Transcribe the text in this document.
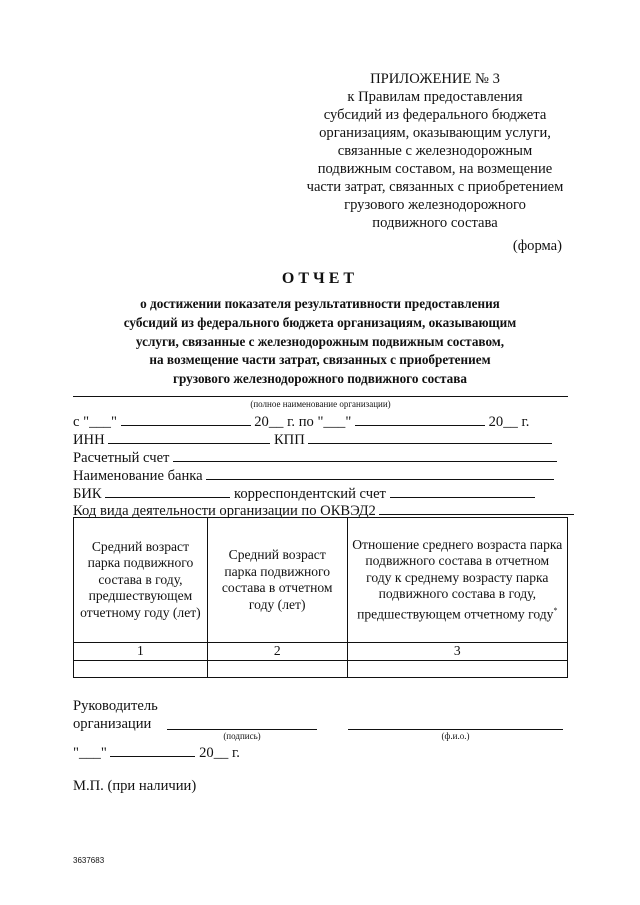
ПРИЛОЖЕНИЕ № 3
к Правилам предоставления
субсидий из федерального бюджета
организациям, оказывающим услуги,
связанные с железнодорожным
подвижным составом, на возмещение
части затрат, связанных с приобретением
грузового железнодорожного
подвижного состава
(форма)
ОТЧЕТ
о достижении показателя результативности предоставления
субсидий из федерального бюджета организациям, оказывающим
услуги, связанные с железнодорожным подвижным составом,
на возмещение части затрат, связанных с приобретением
грузового железнодорожного подвижного состава
(полное наименование организации)
с "___"	20__ г. по "___"	20__ г.
ИНН	КПП
Расчетный счет
Наименование банка
БИК	корреспондентский счет
Код вида деятельности организации по ОКВЭД2
Средний возраст парка подвижного состава в году, предшествующем отчетному году (лет)	Средний возраст парка подвижного состава в отчетном году (лет)	Отношение среднего возраста парка подвижного состава в отчетном году к среднему возрасту парка подвижного состава в году, предшествующем отчетному году*
1	2	3

Руководитель
организации
(подпись)	(ф.и.о.)
"___"	20__ г.
М.П. (при наличии)
3637683
